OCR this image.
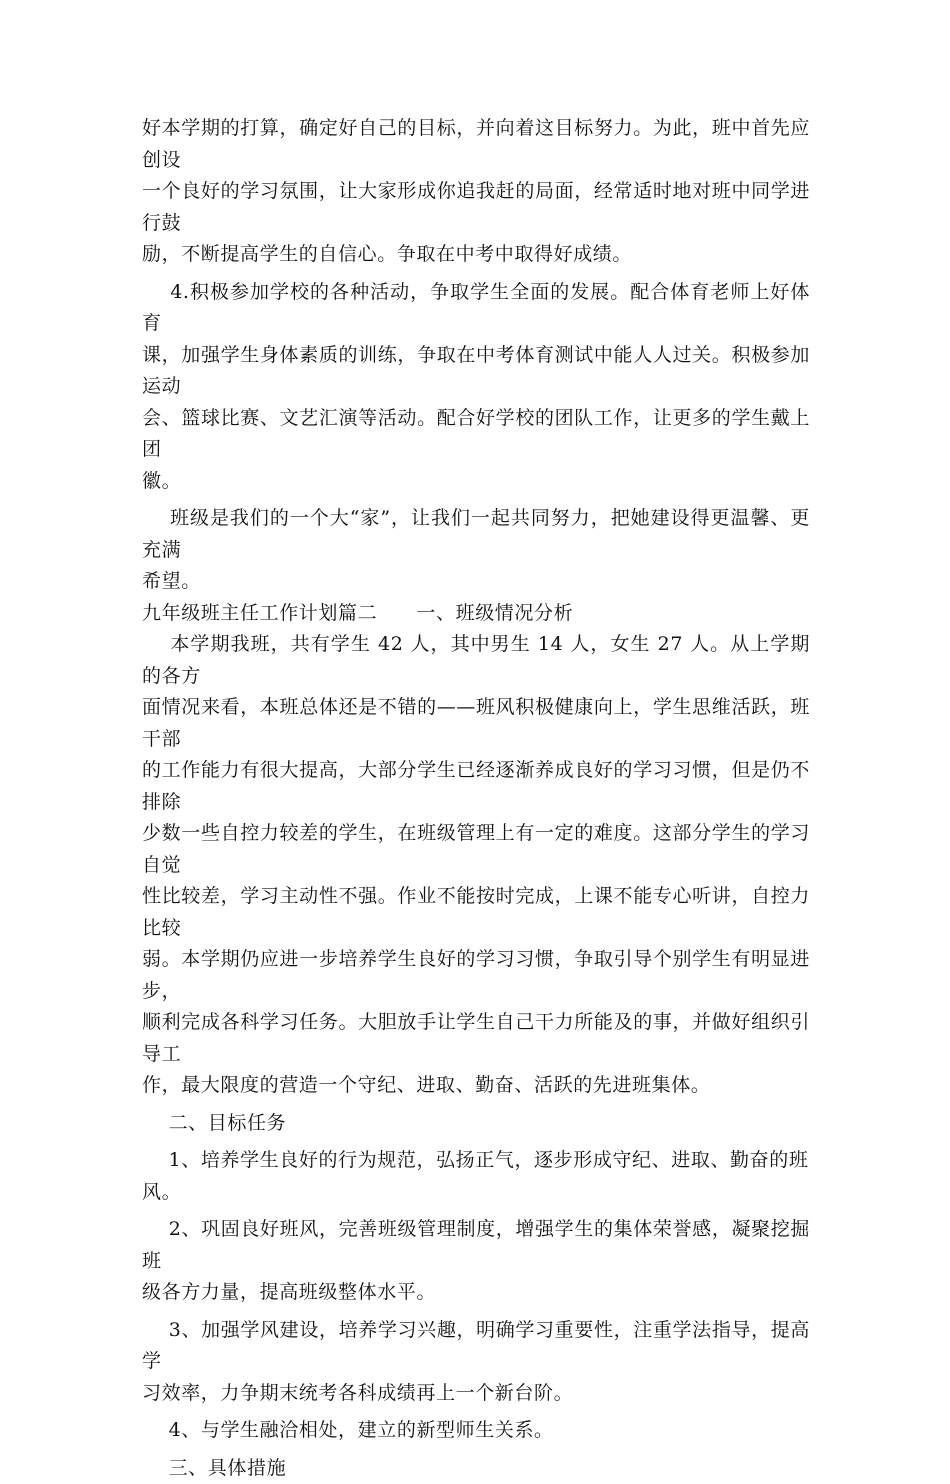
好本学期的打算，确定好自己的目标，并向着这目标努力。为此，班中首先应创设
一个良好的学习氛围，让大家形成你追我赶的局面，经常适时地对班中同学进行鼓
励，不断提高学生的自信心。争取在中考中取得好成绩。

4.积极参加学校的各种活动，争取学生全面的发展。配合体育老师上好体育
课，加强学生身体素质的训练，争取在中考体育测试中能人人过关。积极参加运动
会、篮球比赛、文艺汇演等活动。配合好学校的团队工作，让更多的学生戴上团
徽。

班级是我们的一个大“家”，让我们一起共同努力，把她建设得更温馨、更充满
希望。

九年级班主任工作计划篇二　　一、班级情况分析

本学期我班，共有学生 42 人，其中男生 14 人，女生 27 人。从上学期的各方
面情况来看，本班总体还是不错的——班风积极健康向上，学生思维活跃，班干部
的工作能力有很大提高，大部分学生已经逐渐养成良好的学习习惯，但是仍不排除
少数一些自控力较差的学生，在班级管理上有一定的难度。这部分学生的学习自觉
性比较差，学习主动性不强。作业不能按时完成，上课不能专心听讲，自控力比较
弱。本学期仍应进一步培养学生良好的学习习惯，争取引导个别学生有明显进步，
顺利完成各科学习任务。大胆放手让学生自己干力所能及的事，并做好组织引导工
作，最大限度的营造一个守纪、进取、勤奋、活跃的先进班集体。

二、目标任务

1、培养学生良好的行为规范，弘扬正气，逐步形成守纪、进取、勤奋的班
风。

2、巩固良好班风，完善班级管理制度，增强学生的集体荣誉感，凝聚挖掘班
级各方力量，提高班级整体水平。

3、加强学风建设，培养学习兴趣，明确学习重要性，注重学法指导，提高学
习效率，力争期末统考各科成绩再上一个新台阶。

4、与学生融洽相处，建立的新型师生关系。

三、具体措施
